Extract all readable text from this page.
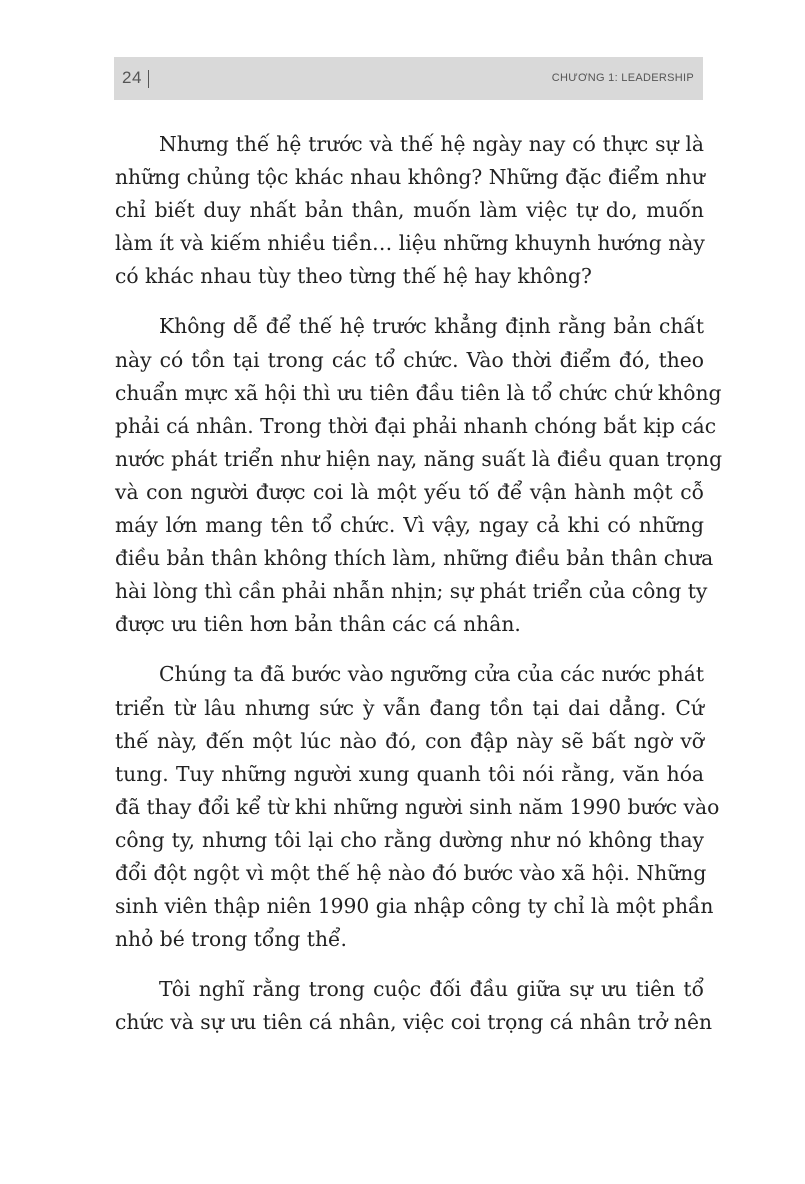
24	CHƯƠNG 1: LEADERSHIP

Nhưng thế hệ trước và thế hệ ngày nay có thực sự là
những chủng tộc khác nhau không? Những đặc điểm như
chỉ biết duy nhất bản thân, muốn làm việc tự do, muốn
làm ít và kiếm nhiều tiền… liệu những khuynh hướng này
có khác nhau tùy theo từng thế hệ hay không?

Không dễ để thế hệ trước khẳng định rằng bản chất
này có tồn tại trong các tổ chức. Vào thời điểm đó, theo
chuẩn mực xã hội thì ưu tiên đầu tiên là tổ chức chứ không
phải cá nhân. Trong thời đại phải nhanh chóng bắt kịp các
nước phát triển như hiện nay, năng suất là điều quan trọng
và con người được coi là một yếu tố để vận hành một cỗ
máy lớn mang tên tổ chức. Vì vậy, ngay cả khi có những
điều bản thân không thích làm, những điều bản thân chưa
hài lòng thì cần phải nhẫn nhịn; sự phát triển của công ty
được ưu tiên hơn bản thân các cá nhân.

Chúng ta đã bước vào ngưỡng cửa của các nước phát
triển từ lâu nhưng sức ỳ vẫn đang tồn tại dai dẳng. Cứ
thế này, đến một lúc nào đó, con đập này sẽ bất ngờ vỡ
tung. Tuy những người xung quanh tôi nói rằng, văn hóa
đã thay đổi kể từ khi những người sinh năm 1990 bước vào
công ty, nhưng tôi lại cho rằng dường như nó không thay
đổi đột ngột vì một thế hệ nào đó bước vào xã hội. Những
sinh viên thập niên 1990 gia nhập công ty chỉ là một phần
nhỏ bé trong tổng thể.

Tôi nghĩ rằng trong cuộc đối đầu giữa sự ưu tiên tổ
chức và sự ưu tiên cá nhân, việc coi trọng cá nhân trở nên
